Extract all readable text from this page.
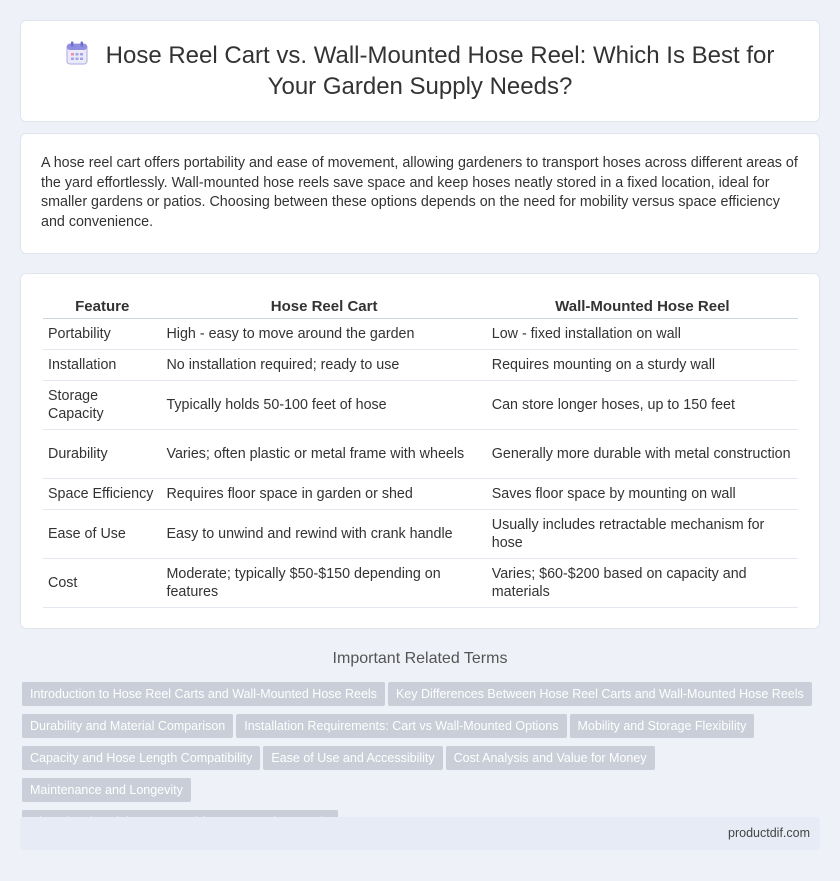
Hose Reel Cart vs. Wall-Mounted Hose Reel: Which Is Best for Your Garden Supply Needs?
A hose reel cart offers portability and ease of movement, allowing gardeners to transport hoses across different areas of the yard effortlessly. Wall-mounted hose reels save space and keep hoses neatly stored in a fixed location, ideal for smaller gardens or patios. Choosing between these options depends on the need for mobility versus space efficiency and convenience.
Feature	Hose Reel Cart	Wall-Mounted Hose Reel
Portability	High - easy to move around the garden	Low - fixed installation on wall
Installation	No installation required; ready to use	Requires mounting on a sturdy wall
Storage Capacity	Typically holds 50-100 feet of hose	Can store longer hoses, up to 150 feet
Durability	Varies; often plastic or metal frame with wheels	Generally more durable with metal construction
Space Efficiency	Requires floor space in garden or shed	Saves floor space by mounting on wall
Ease of Use	Easy to unwind and rewind with crank handle	Usually includes retractable mechanism for hose
Cost	Moderate; typically $50-$150 depending on features	Varies; $60-$200 based on capacity and materials
Important Related Terms
Introduction to Hose Reel Carts and Wall-Mounted Hose Reels Key Differences Between Hose Reel Carts and Wall-Mounted Hose Reels
Durability and Material Comparison Installation Requirements: Cart vs Wall-Mounted Options Mobility and Storage Flexibility
Capacity and Hose Length Compatibility Ease of Use and Accessibility Cost Analysis and Value for MoneyMaintenance and Longevity

productdif.com
